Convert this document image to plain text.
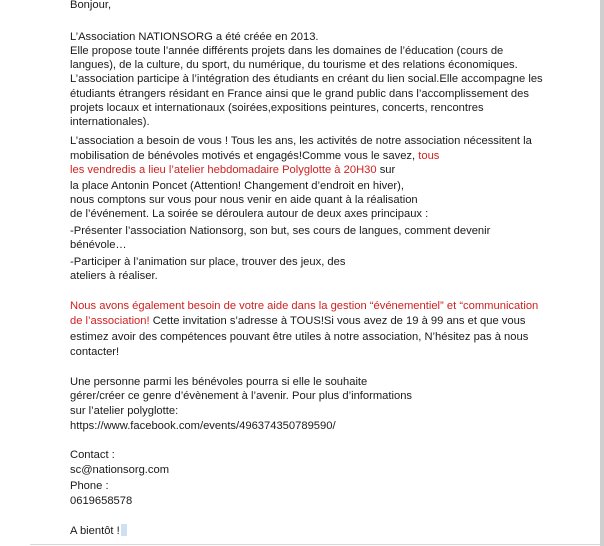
Bonjour,
L’Association NATIONSORG a été créée en 2013.
Elle propose toute l’année différents projets dans les domaines de l’éducation (cours de
langues), de la culture, du sport, du numérique, du tourisme et des relations économiques.
L’association participe à l’intégration des étudiants en créant du lien social.Elle accompagne les
étudiants étrangers résidant en France ainsi que le grand public dans l’accomplissement des
projets locaux et internationaux (soirées,expositions peintures, concerts, rencontres
internationales).
L’association a besoin de vous ! Tous les ans, les activités de notre association nécessitent la
mobilisation de bénévoles motivés et engagés!Comme vous le savez, tous
les vendredis a lieu l’atelier hebdomadaire Polyglotte à 20H30 sur
la place Antonin Poncet (Attention! Changement d’endroit en hiver),
nous comptons sur vous pour nous venir en aide quant à la réalisation
de l’événement. La soirée se déroulera autour de deux axes principaux :
-Présenter l’association Nationsorg, son but, ses cours de langues, comment devenir
bénévole…
-Participer à l’animation sur place, trouver des jeux, des
ateliers à réaliser.
Nous avons également besoin de votre aide dans la gestion “événementiel” et “communication
de l’association! Cette invitation s’adresse à TOUS!Si vous avez de 19 à 99 ans et que vous
estimez avoir des compétences pouvant être utiles à notre association, N’hésitez pas à nous
contacter!
Une personne parmi les bénévoles pourra si elle le souhaite
gérer/créer ce genre d’évènement à l’avenir. Pour plus d’informations
sur l’atelier polyglotte:
https://www.facebook.com/events/496374350789590/
Contact :
sc@nationsorg.com
Phone :
0619658578
A bientôt !
